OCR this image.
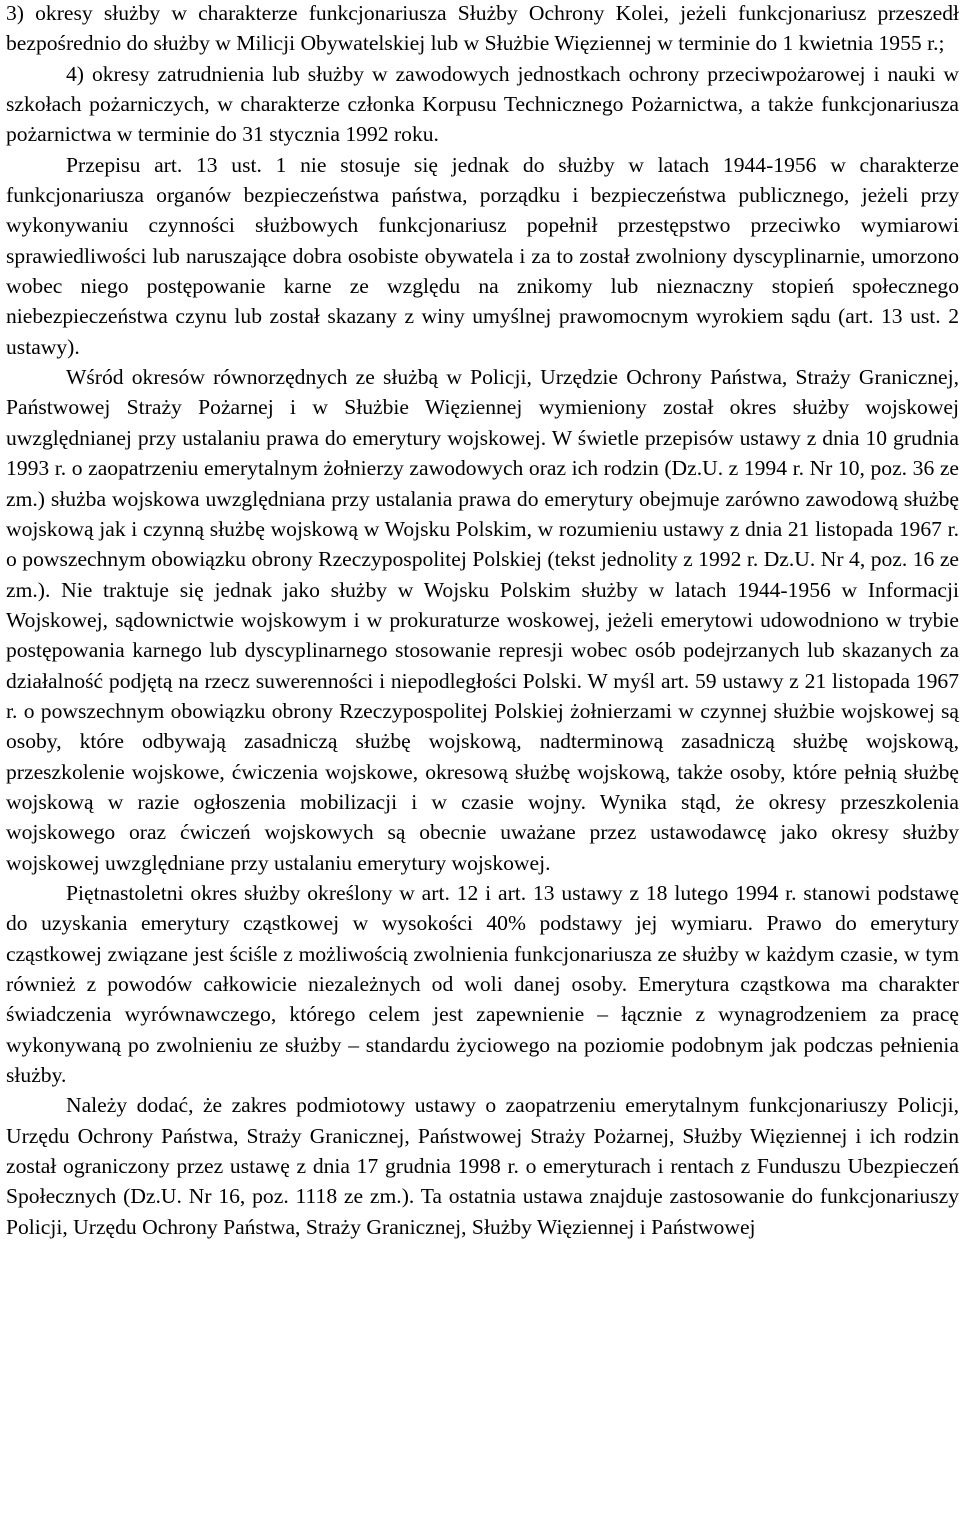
3) okresy służby w charakterze funkcjonariusza Służby Ochrony Kolei, jeżeli funkcjonariusz przeszedł bezpośrednio do służby w Milicji Obywatelskiej lub w Służbie Więziennej w terminie do 1 kwietnia 1955 r.;

4) okresy zatrudnienia lub służby w zawodowych jednostkach ochrony przeciwpożarowej i nauki w szkołach pożarniczych, w charakterze członka Korpusu Technicznego Pożarnictwa, a także funkcjonariusza pożarnictwa w terminie do 31 stycznia 1992 roku.

Przepisu art. 13 ust. 1 nie stosuje się jednak do służby w latach 1944-1956 w charakterze funkcjonariusza organów bezpieczeństwa państwa, porządku i bezpieczeństwa publicznego, jeżeli przy wykonywaniu czynności służbowych funkcjonariusz popełnił przestępstwo przeciwko wymiarowi sprawiedliwości lub naruszające dobra osobiste obywatela i za to został zwolniony dyscyplinarnie, umorzono wobec niego postępowanie karne ze względu na znikomy lub nieznaczny stopień społecznego niebezpieczeństwa czynu lub został skazany z winy umyślnej prawomocnym wyrokiem sądu (art. 13 ust. 2 ustawy).

Wśród okresów równorzędnych ze służbą w Policji, Urzędzie Ochrony Państwa, Straży Granicznej, Państwowej Straży Pożarnej i w Służbie Więziennej wymieniony został okres służby wojskowej uwzględnianej przy ustalaniu prawa do emerytury wojskowej. W świetle przepisów ustawy z dnia 10 grudnia 1993 r. o zaopatrzeniu emerytalnym żołnierzy zawodowych oraz ich rodzin (Dz.U. z 1994 r. Nr 10, poz. 36 ze zm.) służba wojskowa uwzględniana przy ustalania prawa do emerytury obejmuje zarówno zawodową służbę wojskową jak i czynną służbę wojskową w Wojsku Polskim, w rozumieniu ustawy z dnia 21 listopada 1967 r. o powszechnym obowiązku obrony Rzeczypospolitej Polskiej (tekst jednolity z 1992 r. Dz.U. Nr 4, poz. 16 ze zm.). Nie traktuje się jednak jako służby w Wojsku Polskim służby w latach 1944-1956 w Informacji Wojskowej, sądownictwie wojskowym i w prokuraturze woskowej, jeżeli emerytowi udowodniono w trybie postępowania karnego lub dyscyplinarnego stosowanie represji wobec osób podejrzanych lub skazanych za działalność podjętą na rzecz suwerenności i niepodległości Polski. W myśl art. 59 ustawy z 21 listopada 1967 r. o powszechnym obowiązku obrony Rzeczypospolitej Polskiej żołnierzami w czynnej służbie wojskowej są osoby, które odbywają zasadniczą służbę wojskową, nadterminową zasadniczą służbę wojskową, przeszkolenie wojskowe, ćwiczenia wojskowe, okresową służbę wojskową, także osoby, które pełnią służbę wojskową w razie ogłoszenia mobilizacji i w czasie wojny. Wynika stąd, że okresy przeszkolenia wojskowego oraz ćwiczeń wojskowych są obecnie uważane przez ustawodawcę jako okresy służby wojskowej uwzględniane przy ustalaniu emerytury wojskowej.

Piętnastoletni okres służby określony w art. 12 i art. 13 ustawy z 18 lutego 1994 r. stanowi podstawę do uzyskania emerytury cząstkowej w wysokości 40% podstawy jej wymiaru. Prawo do emerytury cząstkowej związane jest ściśle z możliwością zwolnienia funkcjonariusza ze służby w każdym czasie, w tym również z powodów całkowicie niezależnych od woli danej osoby. Emerytura cząstkowa ma charakter świadczenia wyrównawczego, którego celem jest zapewnienie – łącznie z wynagrodzeniem za pracę wykonywaną po zwolnieniu ze służby – standardu życiowego na poziomie podobnym jak podczas pełnienia służby.

Należy dodać, że zakres podmiotowy ustawy o zaopatrzeniu emerytalnym funkcjonariuszy Policji, Urzędu Ochrony Państwa, Straży Granicznej, Państwowej Straży Pożarnej, Służby Więziennej i ich rodzin został ograniczony przez ustawę z dnia 17 grudnia 1998 r. o emeryturach i rentach z Funduszu Ubezpieczeń Społecznych (Dz.U. Nr 16, poz. 1118 ze zm.). Ta ostatnia ustawa znajduje zastosowanie do funkcjonariuszy Policji, Urzędu Ochrony Państwa, Straży Granicznej, Służby Więziennej i Państwowej
